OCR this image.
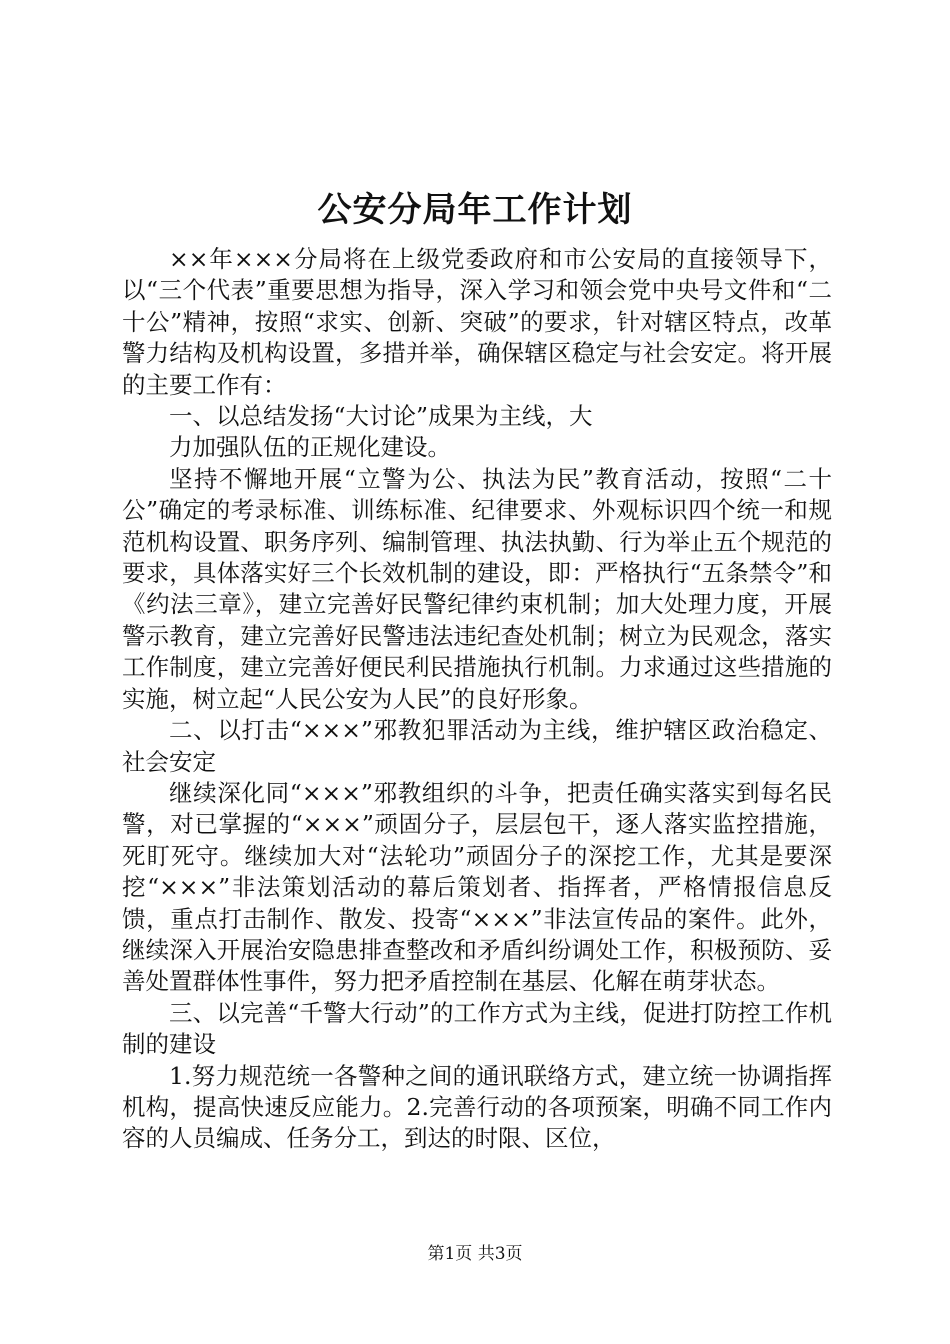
公安分局年工作计划

××年×××分局将在上级党委政府和市公安局的直接领导下，以“三个代表”重要思想为指导，深入学习和领会党中央号文件和“二十公”精神，按照“求实、创新、突破”的要求，针对辖区特点，改革警力结构及机构设置，多措并举，确保辖区稳定与社会安定。将开展的主要工作有：

一、以总结发扬“大讨论”成果为主线，大

力加强队伍的正规化建设。

坚持不懈地开展“立警为公、执法为民”教育活动，按照“二十公”确定的考录标准、训练标准、纪律要求、外观标识四个统一和规范机构设置、职务序列、编制管理、执法执勤、行为举止五个规范的要求，具体落实好三个长效机制的建设，即：严格执行“五条禁令”和《约法三章》，建立完善好民警纪律约束机制；加大处理力度，开展警示教育，建立完善好民警违法违纪查处机制；树立为民观念，落实工作制度，建立完善好便民利民措施执行机制。力求通过这些措施的实施，树立起“人民公安为人民”的良好形象。

二、以打击“×××”邪教犯罪活动为主线，维护辖区政治稳定、社会安定

继续深化同“×××”邪教组织的斗争，把责任确实落实到每名民警，对已掌握的“×××”顽固分子，层层包干，逐人落实监控措施，死盯死守。继续加大对“法轮功”顽固分子的深挖工作，尤其是要深挖“×××”非法策划活动的幕后策划者、指挥者，严格情报信息反馈，重点打击制作、散发、投寄“×××”非法宣传品的案件。此外，继续深入开展治安隐患排查整改和矛盾纠纷调处工作，积极预防、妥善处置群体性事件，努力把矛盾控制在基层、化解在萌芽状态。

三、以完善“千警大行动”的工作方式为主线，促进打防控工作机制的建设

1.努力规范统一各警种之间的通讯联络方式，建立统一协调指挥机构，提高快速反应能力。2.完善行动的各项预案，明确不同工作内容的人员编成、任务分工，到达的时限、区位，

第1页 共3页
